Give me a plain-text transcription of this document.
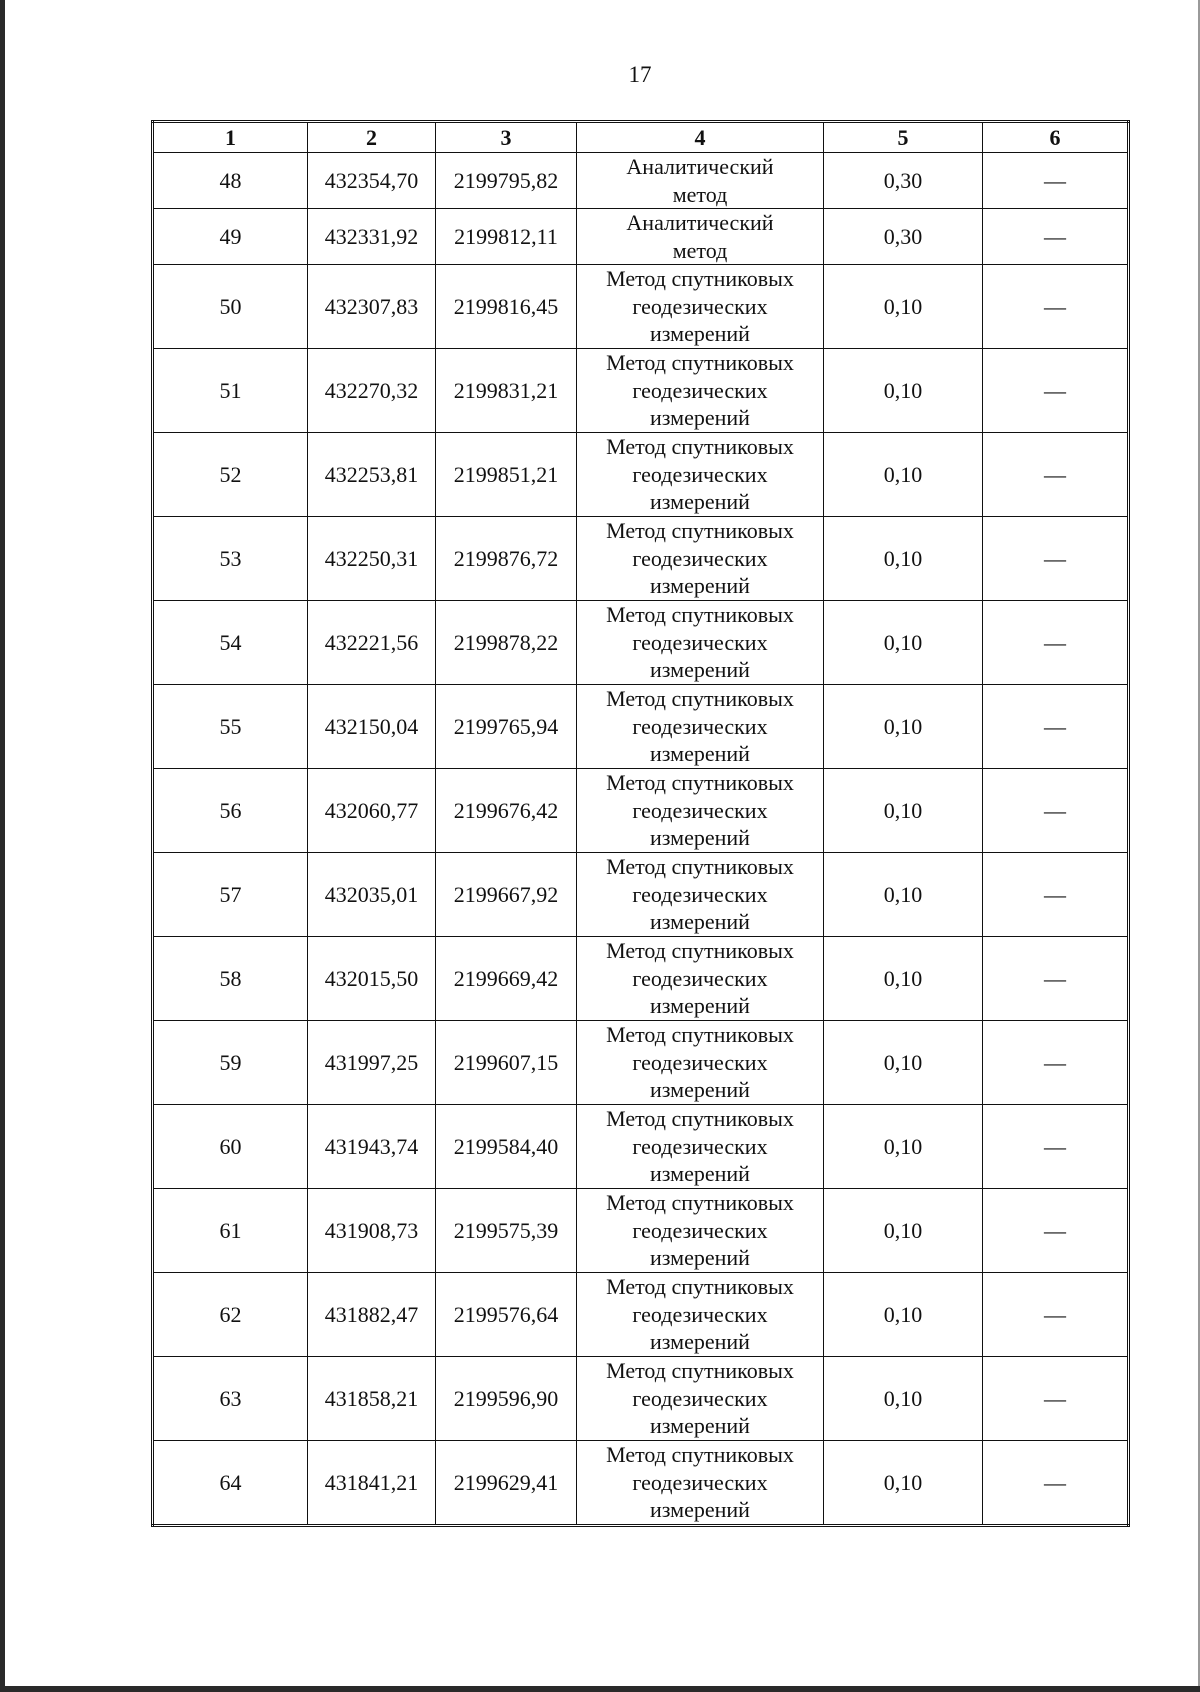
17
1	2	3	4	5	6
48	432354,70	2199795,82	Аналитический
метод	0,30	—
49	432331,92	2199812,11	Аналитический
метод	0,30	—
50	432307,83	2199816,45	Метод спутниковых
геодезических
измерений	0,10	—
51	432270,32	2199831,21	Метод спутниковых
геодезических
измерений	0,10	—
52	432253,81	2199851,21	Метод спутниковых
геодезических
измерений	0,10	—
53	432250,31	2199876,72	Метод спутниковых
геодезических
измерений	0,10	—
54	432221,56	2199878,22	Метод спутниковых
геодезических
измерений	0,10	—
55	432150,04	2199765,94	Метод спутниковых
геодезических
измерений	0,10	—
56	432060,77	2199676,42	Метод спутниковых
геодезических
измерений	0,10	—
57	432035,01	2199667,92	Метод спутниковых
геодезических
измерений	0,10	—
58	432015,50	2199669,42	Метод спутниковых
геодезических
измерений	0,10	—
59	431997,25	2199607,15	Метод спутниковых
геодезических
измерений	0,10	—
60	431943,74	2199584,40	Метод спутниковых
геодезических
измерений	0,10	—
61	431908,73	2199575,39	Метод спутниковых
геодезических
измерений	0,10	—
62	431882,47	2199576,64	Метод спутниковых
геодезических
измерений	0,10	—
63	431858,21	2199596,90	Метод спутниковых
геодезических
измерений	0,10	—
64	431841,21	2199629,41	Метод спутниковых
геодезических
измерений	0,10	—
